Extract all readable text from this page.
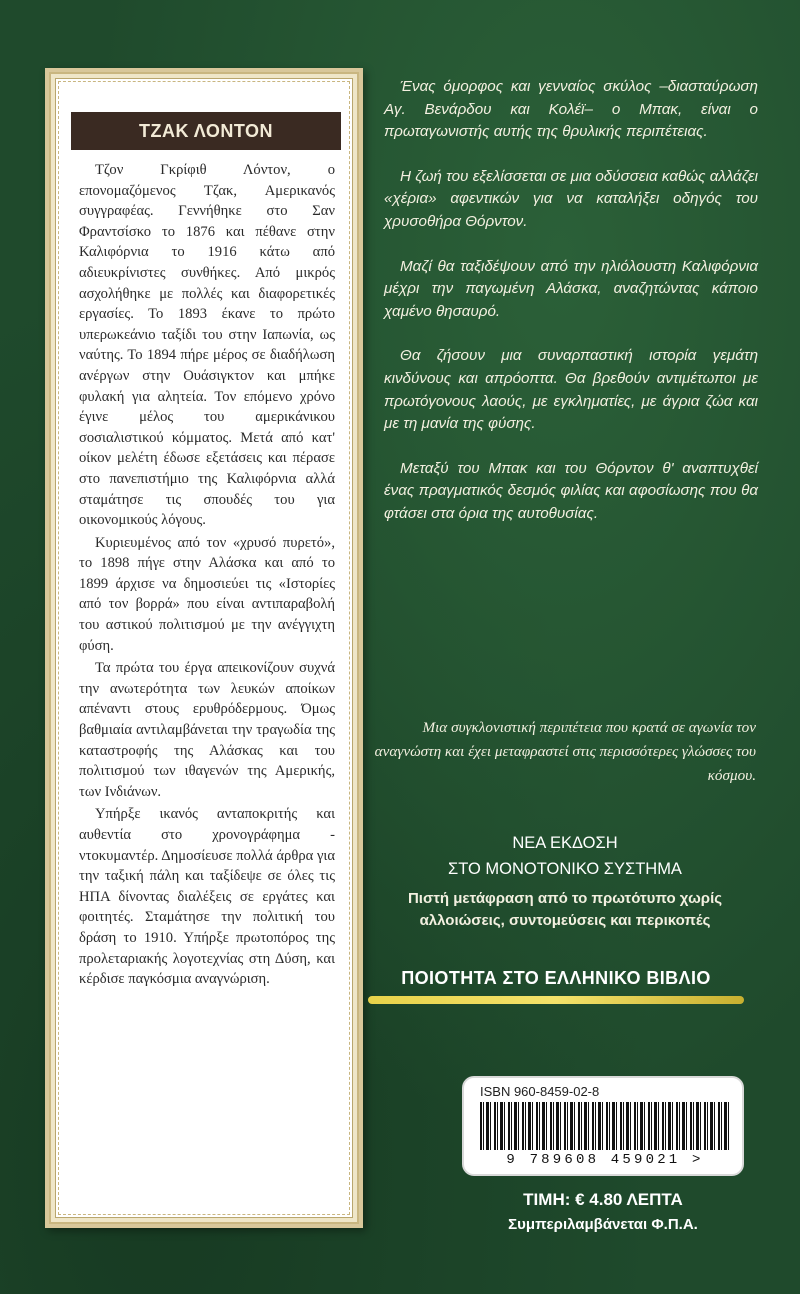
ΤΖΑΚ ΛΟΝΤΟΝ

Τζον Γκρίφιθ Λόντον, ο επονομαζόμενος Τζακ, Αμερικανός συγγραφέας. Γεννήθηκε στο Σαν Φραντσίσκο το 1876 και πέθανε στην Καλιφόρνια το 1916 κάτω από αδιευκρίνιστες συνθήκες. Από μικρός ασχολήθηκε με πολλές και διαφορετικές εργασίες. Το 1893 έκανε το πρώτο υπερωκεάνιο ταξίδι του στην Ιαπωνία, ως ναύτης. Το 1894 πήρε μέρος σε διαδήλωση ανέργων στην Ουάσιγκτον και μπήκε φυλακή για αλητεία. Τον επόμενο χρόνο έγινε μέλος του αμερικάνικου σοσιαλιστικού κόμματος. Μετά από κατ' οίκον μελέτη έδωσε εξετάσεις και πέρασε στο πανεπιστήμιο της Καλιφόρνια αλλά σταμάτησε τις σπουδές του για οικονομικούς λόγους.

Κυριευμένος από τον «χρυσό πυρετό», το 1898 πήγε στην Αλάσκα και από το 1899 άρχισε να δημοσιεύει τις «Ιστορίες από τον βορρά» που είναι αντιπαραβολή του αστικού πολιτισμού με την ανέγγιχτη φύση.

Τα πρώτα του έργα απεικονίζουν συχνά την ανωτερότητα των λευκών αποίκων απέναντι στους ερυθρόδερμους. Όμως βαθμιαία αντιλαμβάνεται την τραγωδία της καταστροφής της Αλάσκας και του πολιτισμού των ιθαγενών της Αμερικής, των Ινδιάνων.

Υπήρξε ικανός ανταποκριτής και αυθεντία στο χρονογράφημα - ντοκυμαντέρ. Δημοσίευσε πολλά άρθρα για την ταξική πάλη και ταξίδεψε σε όλες τις ΗΠΑ δίνοντας διαλέξεις σε εργάτες και φοιτητές. Σταμάτησε την πολιτική του δράση το 1910. Υπήρξε πρωτοπόρος της προλεταριακής λογοτεχνίας στη Δύση, και κέρδισε παγκόσμια αναγνώριση.

Ένας όμορφος και γενναίος σκύλος –διασταύρωση Αγ. Βενάρδου και Κολέϊ– ο Μπακ, είναι ο πρωταγωνιστής αυτής της θρυλικής περιπέτειας.

Η ζωή του εξελίσσεται σε μια οδύσσεια καθώς αλλάζει «χέρια» αφεντικών για να καταλήξει οδηγός του χρυσοθήρα Θόρντον.

Μαζί θα ταξιδέψουν από την ηλιόλουστη Καλιφόρνια μέχρι την παγωμένη Αλάσκα, αναζητώντας κάποιο χαμένο θησαυρό.

Θα ζήσουν μια συναρπαστική ιστορία γεμάτη κινδύνους και απρόοπτα. Θα βρεθούν αντιμέτωποι με πρωτόγονους λαούς, με εγκληματίες, με άγρια ζώα και με τη μανία της φύσης.

Μεταξύ του Μπακ και του Θόρντον θ' αναπτυχθεί ένας πραγματικός δεσμός φιλίας και αφοσίωσης που θα φτάσει στα όρια της αυτοθυσίας.

Μια συγκλονιστική περιπέτεια που κρατά σε αγωνία τον αναγνώστη και έχει μεταφραστεί στις περισσότερες γλώσσες του κόσμου.
ΝΕΑ ΕΚΔΟΣΗ
ΣΤΟ ΜΟΝΟΤΟΝΙΚΟ ΣΥΣΤΗΜΑ
Πιστή μετάφραση από το πρωτότυπο χωρίς αλλοιώσεις, συντομεύσεις και περικοπές
ΠΟΙΟΤΗΤΑ ΣΤΟ ΕΛΛΗΝΙΚΟ ΒΙΒΛΙΟ
ISBN 960-8459-02-8
9 789608 459021 >
ΤΙΜΗ: € 4.80 ΛΕΠΤΑ
Συμπεριλαμβάνεται Φ.Π.Α.
